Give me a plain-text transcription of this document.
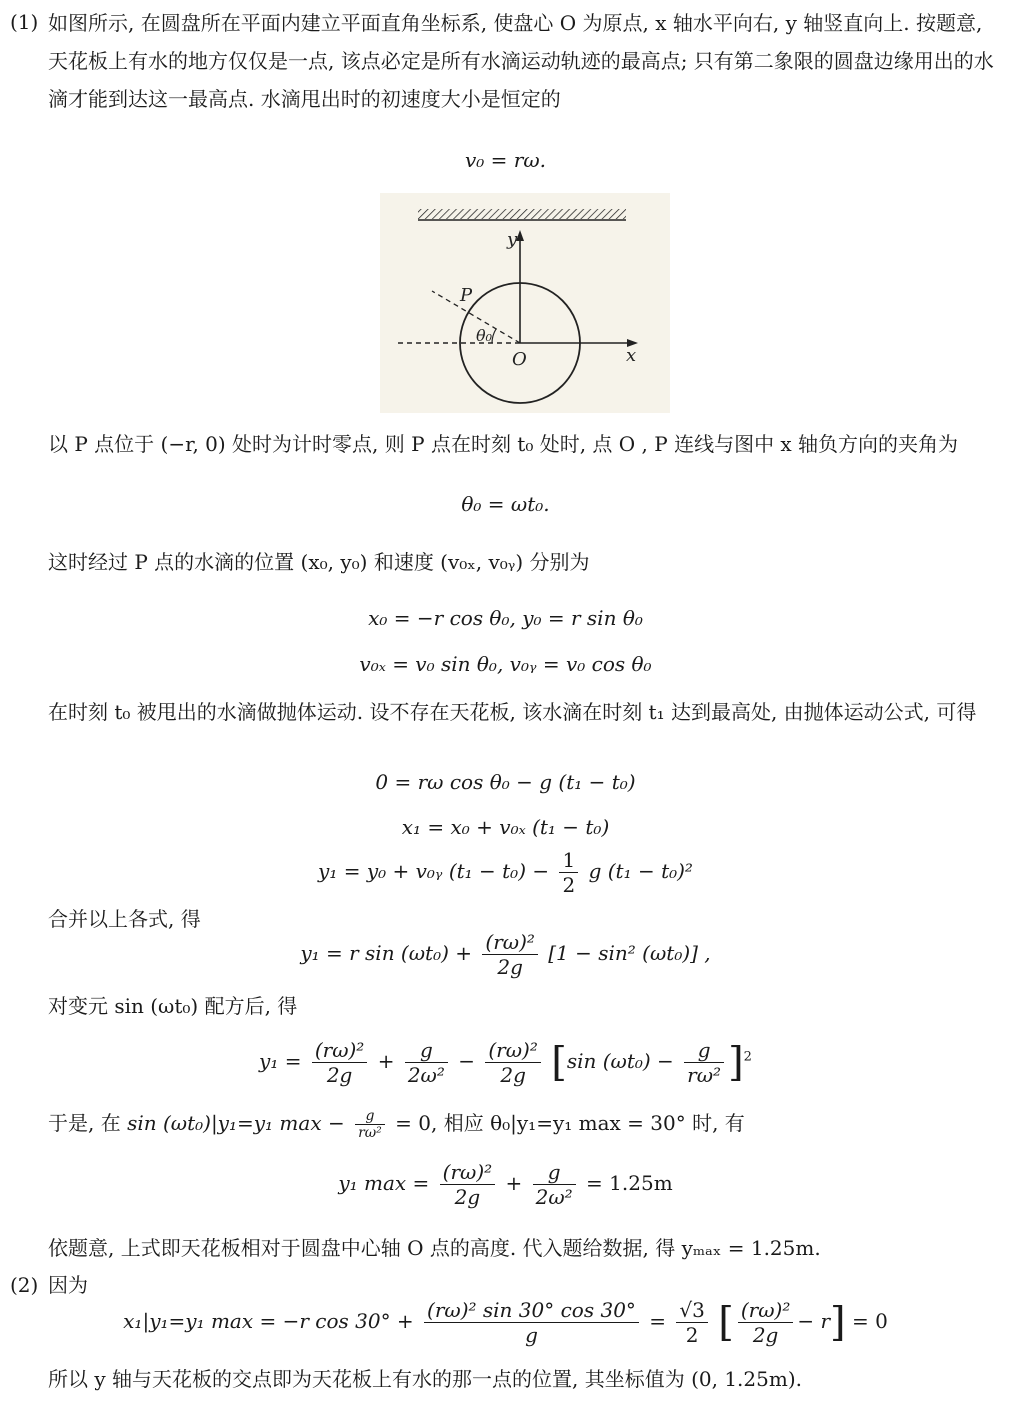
(1) 如图所示, 在圆盘所在平面内建立平面直角坐标系, 使盘心 O 为原点, x 轴水平向右, y 轴竖直向上. 按题意, 天花板上有水的地方仅仅是一点, 该点必定是所有水滴运动轨迹的最高点; 只有第二象限的圆盘边缘用出的水滴才能到达这一最高点. 水滴甩出时的初速度大小是恒定的
v₀ = rω.
P
y
x
θ₀
O
以 P 点位于 (−r, 0) 处时为计时零点, 则 P 点在时刻 t₀ 处时, 点 O , P 连线与图中 x 轴负方向的夹角为
θ₀ = ωt₀.
这时经过 P 点的水滴的位置 (x₀, y₀) 和速度 (v₀ₓ, v₀ᵧ) 分别为
x₀ = −r cos θ₀, y₀ = r sin θ₀
v₀ₓ = v₀ sin θ₀, v₀ᵧ = v₀ cos θ₀
在时刻 t₀ 被甩出的水滴做抛体运动. 设不存在天花板, 该水滴在时刻 t₁ 达到最高处, 由抛体运动公式, 可得
0 = rω cos θ₀ − g (t₁ − t₀)
x₁ = x₀ + v₀ₓ (t₁ − t₀)
y₁ = y₀ + v₀ᵧ $(t_1 - t_0) - \frac{1}{2}$ g (t₁ − t₀)²
合并以上各式, 得
y₁ = r $\sin (\omega t_0) + \frac{\text{(rω)²}}{2g} [1 - \sin^2$ (ωt₀)] ,
对变元 sin (ωt₀) 配方后, 得
$y_1 = \frac{\text{(rω)²}}{2g} + \frac{g}{\text{2ω²}} - \frac{\text{(rω)²}}{2g} [\sin$ $(\omega t_0) - \frac{g}{\text{rω²}} ]^2$
于是, 在 sin (ωt₀)|y₁=y₁ $\max - \frac{g}{\text{rω²}} = 0$, 相应 θ₀|y₁=y₁ max = 30° 时, 有
y₁ $\max = \frac{\text{(rω)²}}{2g} + \frac{g}{\text{2ω²}} = 1.25m$
依题意, 上式即天花板相对于圆盘中心轴 O 点的高度. 代入题给数据, 得 yₘₐₓ = 1.25m.
(2) 因为
x₁|y₁=y₁ max = −r $\cos 30^\circ + \frac{\text{(rω)² sin 30° cos 30°}}{g} = \frac{√3}{2}$ [ $\frac{\text{(rω)²}}{2g} - r] = 0$
所以 y 轴与天花板的交点即为天花板上有水的那一点的位置, 其坐标值为 (0, 1.25m).
